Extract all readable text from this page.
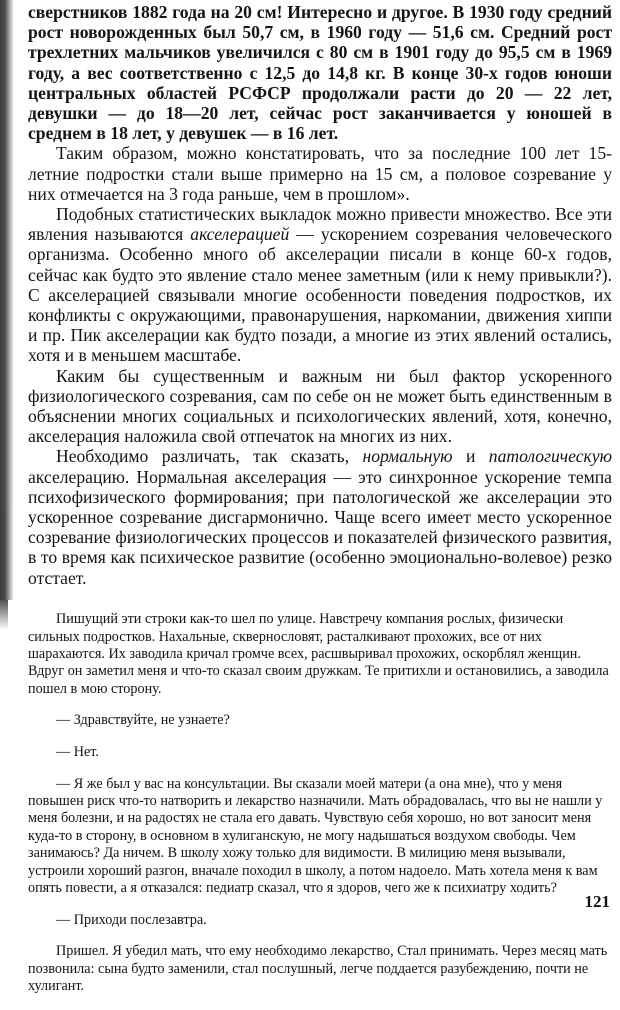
сверстников 1882 года на 20 см! Интересно и другое. В 1930 году средний рост новорожденных был 50,7 см, в 1960 году — 51,6 см. Средний рост трехлетних мальчиков увеличился с 80 см в 1901 году до 95,5 см в 1969 году, а вес соответственно с 12,5 до 14,8 кг. В конце 30-х годов юноши центральных областей РСФСР продолжали расти до 20 — 22 лет, девушки — до 18—20 лет, сейчас рост заканчивается у юношей в среднем в 18 лет, у девушек — в 16 лет.

Таким образом, можно констатировать, что за последние 100 лет 15-летние подростки стали выше примерно на 15 см, а половое созревание у них отмечается на 3 года раньше, чем в прошлом».

Подобных статистических выкладок можно привести множество. Все эти явления называются акселерацией — ускорением созревания человеческого организма. Особенно много об акселерации писали в конце 60-х годов, сейчас как будто это явление стало менее заметным (или к нему привыкли?). С акселерацией связывали многие особенности поведения подростков, их конфликты с окружающими, правонарушения, наркомании, движения хиппи и пр. Пик акселерации как будто позади, а многие из этих явлений остались, хотя и в меньшем масштабе.

Каким бы существенным и важным ни был фактор ускоренного физиологического созревания, сам по себе он не может быть единственным в объяснении многих социальных и психологических явлений, хотя, конечно, акселерация наложила свой отпечаток на многих из них.

Необходимо различать, так сказать, нормальную и патологическую акселерацию. Нормальная акселерация — это синхронное ускорение темпа психофизического формирования; при патологической же акселерации это ускоренное созревание дисгармонично. Чаще всего имеет место ускоренное созревание физиологических процессов и показателей физического развития, в то время как психическое развитие (особенно эмоционально-волевое) резко отстает.

Пишущий эти строки как-то шел по улице. Навстречу компания рослых, физически сильных подростков. Нахальные, сквернословят, расталкивают прохожих, все от них шарахаются. Их заводила кричал громче всех, расшвыривал прохожих, оскорблял женщин. Вдруг он заметил меня и что-то сказал своим дружкам. Те притихли и остановились, а заводила пошел в мою сторону.

— Здравствуйте, не узнаете?

— Нет.

— Я же был у вас на консультации. Вы сказали моей матери (а она мне), что у меня повышен риск что-то натворить и лекарство назначили. Мать обрадовалась, что вы не нашли у меня болезни, и на радостях не стала его давать. Чувствую себя хорошо, но вот заносит меня куда-то в сторону, в основном в хулиганскую, не могу надышаться воздухом свободы. Чем занимаюсь? Да ничем. В школу хожу только для видимости. В милицию меня вызывали, устроили хороший разгон, вначале походил в школу, а потом надоело. Мать хотела меня к вам опять повести, а я отказался: педиатр сказал, что я здоров, чего же к психиатру ходить?

— Приходи послезавтра.

Пришел. Я убедил мать, что ему необходимо лекарство, Стал принимать. Через месяц мать позвонила: сына будто заменили, стал послушный, легче поддается разубеждению, почти не хулигант.

121
